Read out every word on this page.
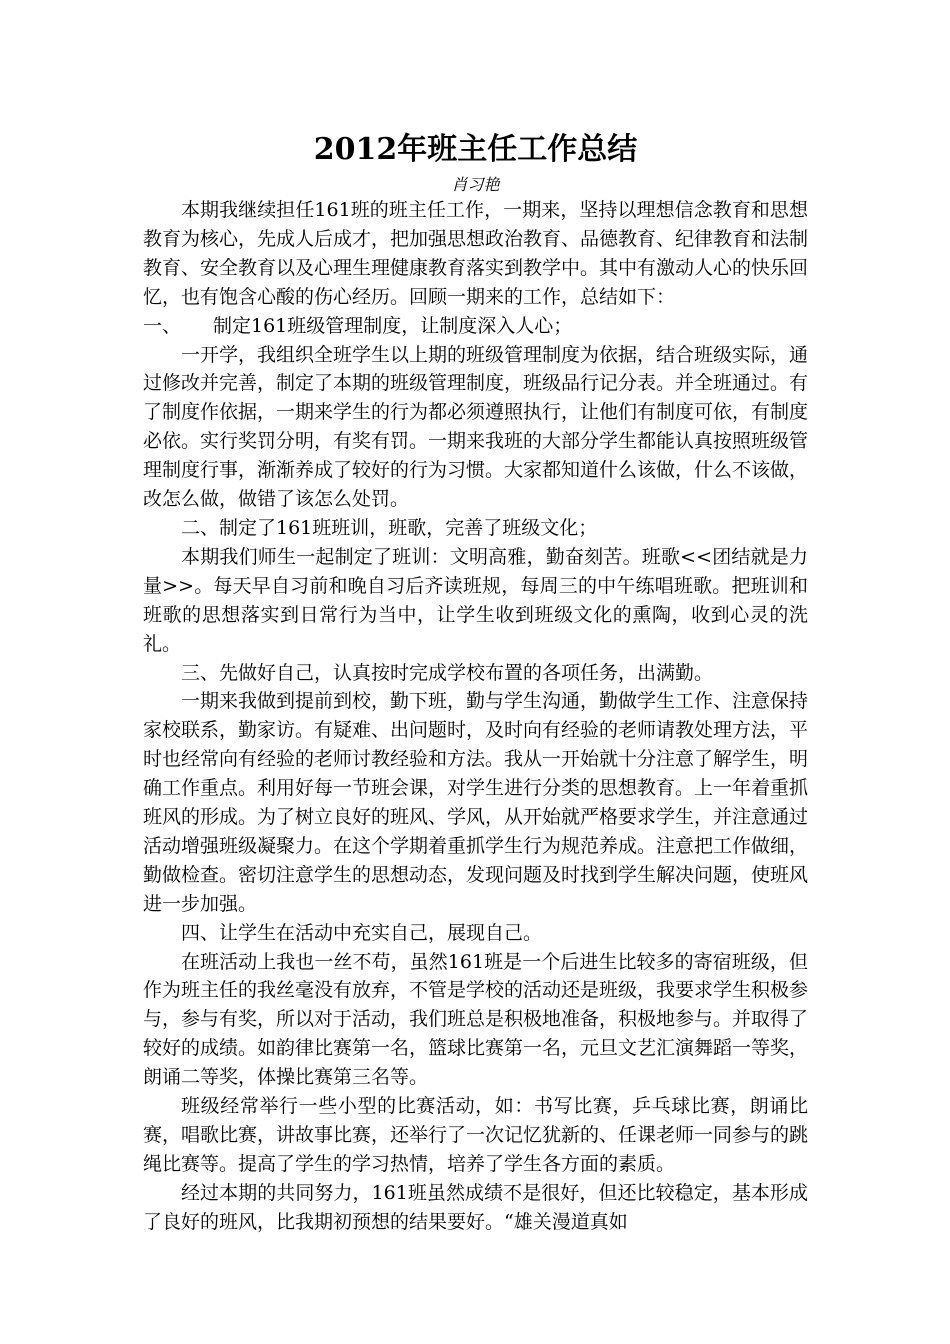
2012年班主任工作总结
肖习艳

本期我继续担任161班的班主任工作，一期来，坚持以理想信念教育和思想教育为核心，先成人后成才，把加强思想政治教育、品德教育、纪律教育和法制教育、安全教育以及心理生理健康教育落实到教学中。其中有激动人心的快乐回忆，也有饱含心酸的伤心经历。回顾一期来的工作，总结如下：

一、 制定161班级管理制度，让制度深入人心；

一开学，我组织全班学生以上期的班级管理制度为依据，结合班级实际，通过修改并完善，制定了本期的班级管理制度，班级品行记分表。并全班通过。有了制度作依据，一期来学生的行为都必须遵照执行，让他们有制度可依，有制度必依。实行奖罚分明，有奖有罚。一期来我班的大部分学生都能认真按照班级管理制度行事，渐渐养成了较好的行为习惯。大家都知道什么该做，什么不该做，改怎么做，做错了该怎么处罚。

二、制定了161班班训，班歌，完善了班级文化；

本期我们师生一起制定了班训：文明高雅，勤奋刻苦。班歌<<团结就是力量>>。每天早自习前和晚自习后齐读班规，每周三的中午练唱班歌。把班训和班歌的思想落实到日常行为当中，让学生收到班级文化的熏陶，收到心灵的洗礼。

三、先做好自己，认真按时完成学校布置的各项任务，出满勤。

一期来我做到提前到校，勤下班，勤与学生沟通，勤做学生工作、注意保持家校联系，勤家访。有疑难、出问题时，及时向有经验的老师请教处理方法，平时也经常向有经验的老师讨教经验和方法。我从一开始就十分注意了解学生，明确工作重点。利用好每一节班会课，对学生进行分类的思想教育。上一年着重抓班风的形成。为了树立良好的班风、学风，从开始就严格要求学生，并注意通过活动增强班级凝聚力。在这个学期着重抓学生行为规范养成。注意把工作做细，勤做检查。密切注意学生的思想动态，发现问题及时找到学生解决问题，使班风进一步加强。

四、让学生在活动中充实自己，展现自己。

在班活动上我也一丝不苟，虽然161班是一个后进生比较多的寄宿班级，但作为班主任的我丝毫没有放弃，不管是学校的活动还是班级，我要求学生积极参与，参与有奖，所以对于活动，我们班总是积极地准备，积极地参与。并取得了较好的成绩。如韵律比赛第一名，篮球比赛第一名，元旦文艺汇演舞蹈一等奖，朗诵二等奖，体操比赛第三名等。

班级经常举行一些小型的比赛活动，如：书写比赛，乒乓球比赛，朗诵比赛，唱歌比赛，讲故事比赛，还举行了一次记忆犹新的、任课老师一同参与的跳绳比赛等。提高了学生的学习热情，培养了学生各方面的素质。

经过本期的共同努力，161班虽然成绩不是很好，但还比较稳定，基本形成了良好的班风，比我期初预想的结果要好。“雄关漫道真如
